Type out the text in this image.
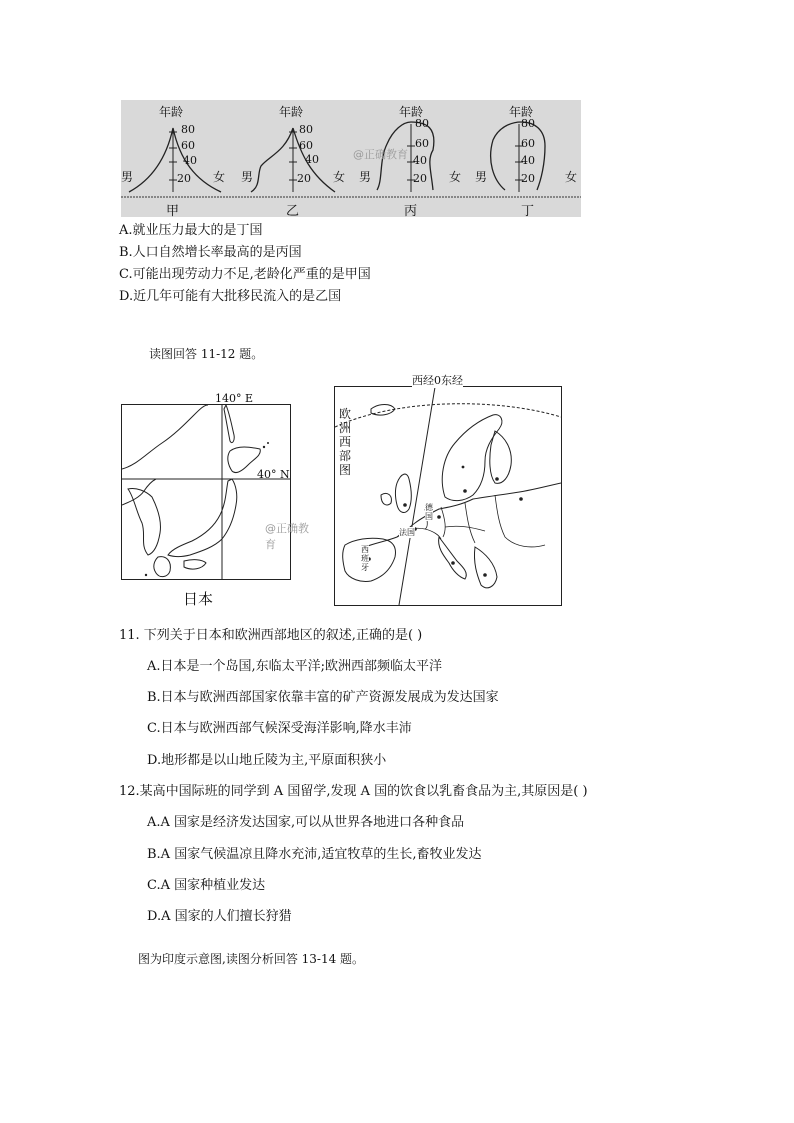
年龄
80
60
40
20
男	女
甲
年龄
80
60
40
20
男	女
乙
年龄
80
60
40
20
男	女
丙
年龄
80
60
40
20
男	女
丁
@正确教育
A.就业压力最大的是丁国
B.人口自然增长率最高的是丙国
C.可能出现劳动力不足,老龄化严重的是甲国
D.近几年可能有大批移民流入的是乙国
读图回答 11-12 题。
140° E
40° N
日本
@正确教育
欧
洲
西
部
图
德
国
法国
西
班
牙
西经0东经
11. 下列关于日本和欧洲西部地区的叙述,正确的是( )
A.日本是一个岛国,东临太平洋;欧洲西部频临太平洋
B.日本与欧洲西部国家依靠丰富的矿产资源发展成为发达国家
C.日本与欧洲西部气候深受海洋影响,降水丰沛
D.地形都是以山地丘陵为主,平原面积狭小
12.某高中国际班的同学到 A 国留学,发现 A 国的饮食以乳畜食品为主,其原因是( )
A.A 国家是经济发达国家,可以从世界各地进口各种食品
B.A 国家气候温凉且降水充沛,适宜牧草的生长,畜牧业发达
C.A 国家种植业发达
D.A 国家的人们擅长狩猎
图为印度示意图,读图分析回答 13-14 题。
